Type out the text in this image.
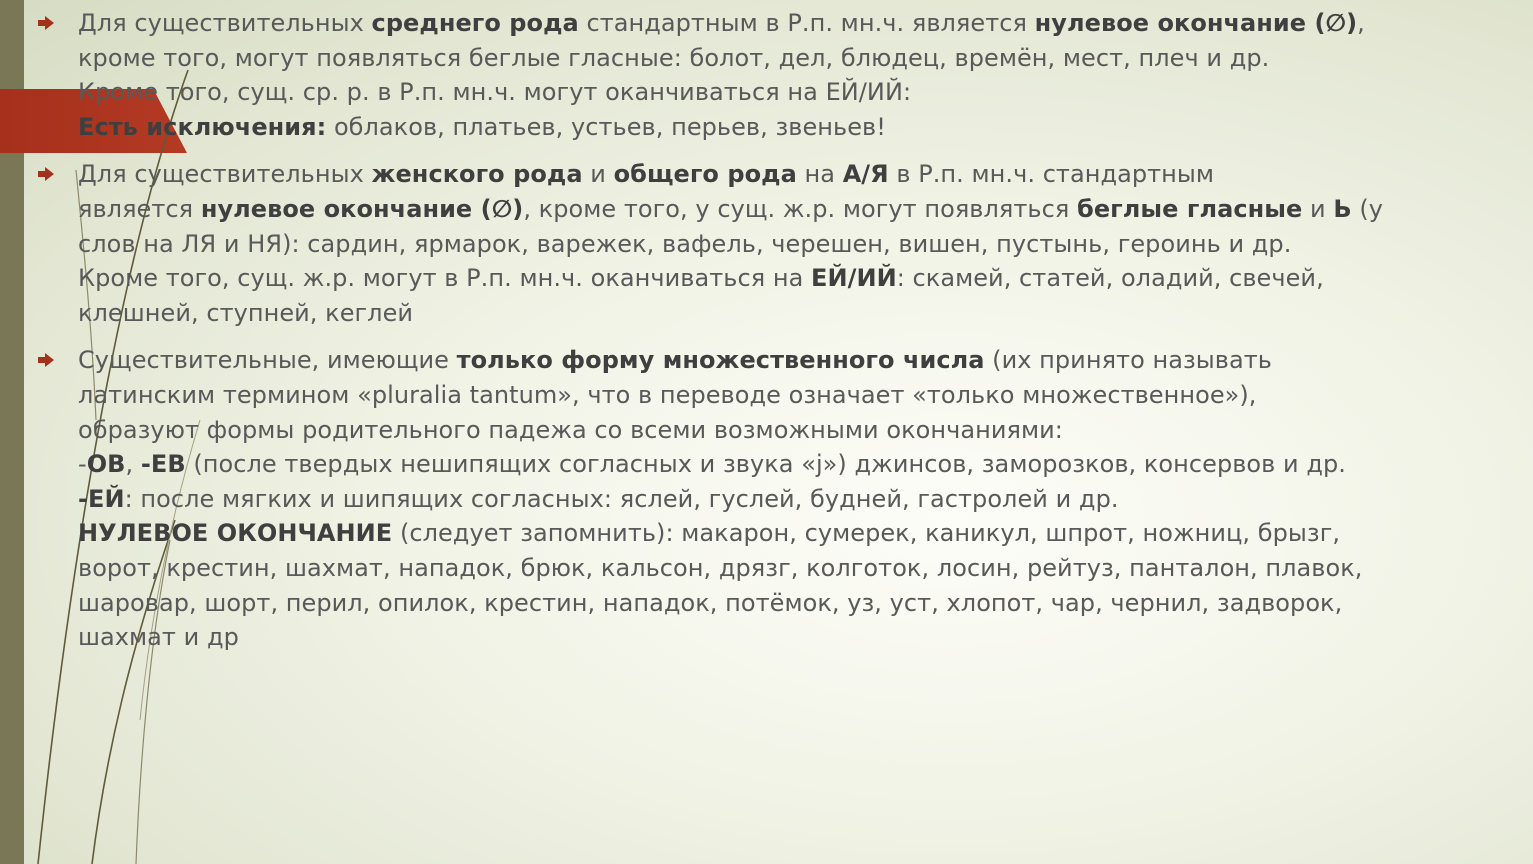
Для существительных среднего рода стандартным в Р.п. мн.ч. является нулевое окончание (∅),
кроме того, могут появляться беглые гласные: болот, дел, блюдец, времён, мест, плеч и др.
Кроме того, сущ. ср. р. в Р.п. мн.ч. могут оканчиваться на ЕЙ/ИЙ:
Есть исключения: облаков, платьев, устьев, перьев, звеньев!
Для существительных женского рода и общего рода на А/Я в Р.п. мн.ч. стандартным
является нулевое окончание (∅), кроме того, у сущ. ж.р. могут появляться беглые гласные и Ь (у
слов на ЛЯ и НЯ): сардин, ярмарок, варежек, вафель, черешен, вишен, пустынь, героинь и др.
Кроме того, сущ. ж.р. могут в Р.п. мн.ч. оканчиваться на ЕЙ/ИЙ: скамей, статей, оладий, свечей,
клешней, ступней, кеглей
Существительные, имеющие только форму множественного числа (их принято называть
латинским термином «pluralia tantum», что в переводе означает «только множественное»),
образуют формы родительного падежа со всеми возможными окончаниями:
-ОВ, -ЕВ (после твердых нешипящих согласных и звука «j») джинсов, заморозков, консервов и др.
-ЕЙ: после мягких и шипящих согласных: яслей, гуслей, будней, гастролей и др.
НУЛЕВОЕ ОКОНЧАНИЕ (следует запомнить): макарон, сумерек, каникул, шпрот, ножниц, брызг,
ворот, крестин, шахмат, нападок, брюк, кальсон, дрязг, колготок, лосин, рейтуз, панталон, плавок,
шаровар, шорт, перил, опилок, крестин, нападок, потёмок, уз, уст, хлопот, чар, чернил, задворок,
шахмат и др
